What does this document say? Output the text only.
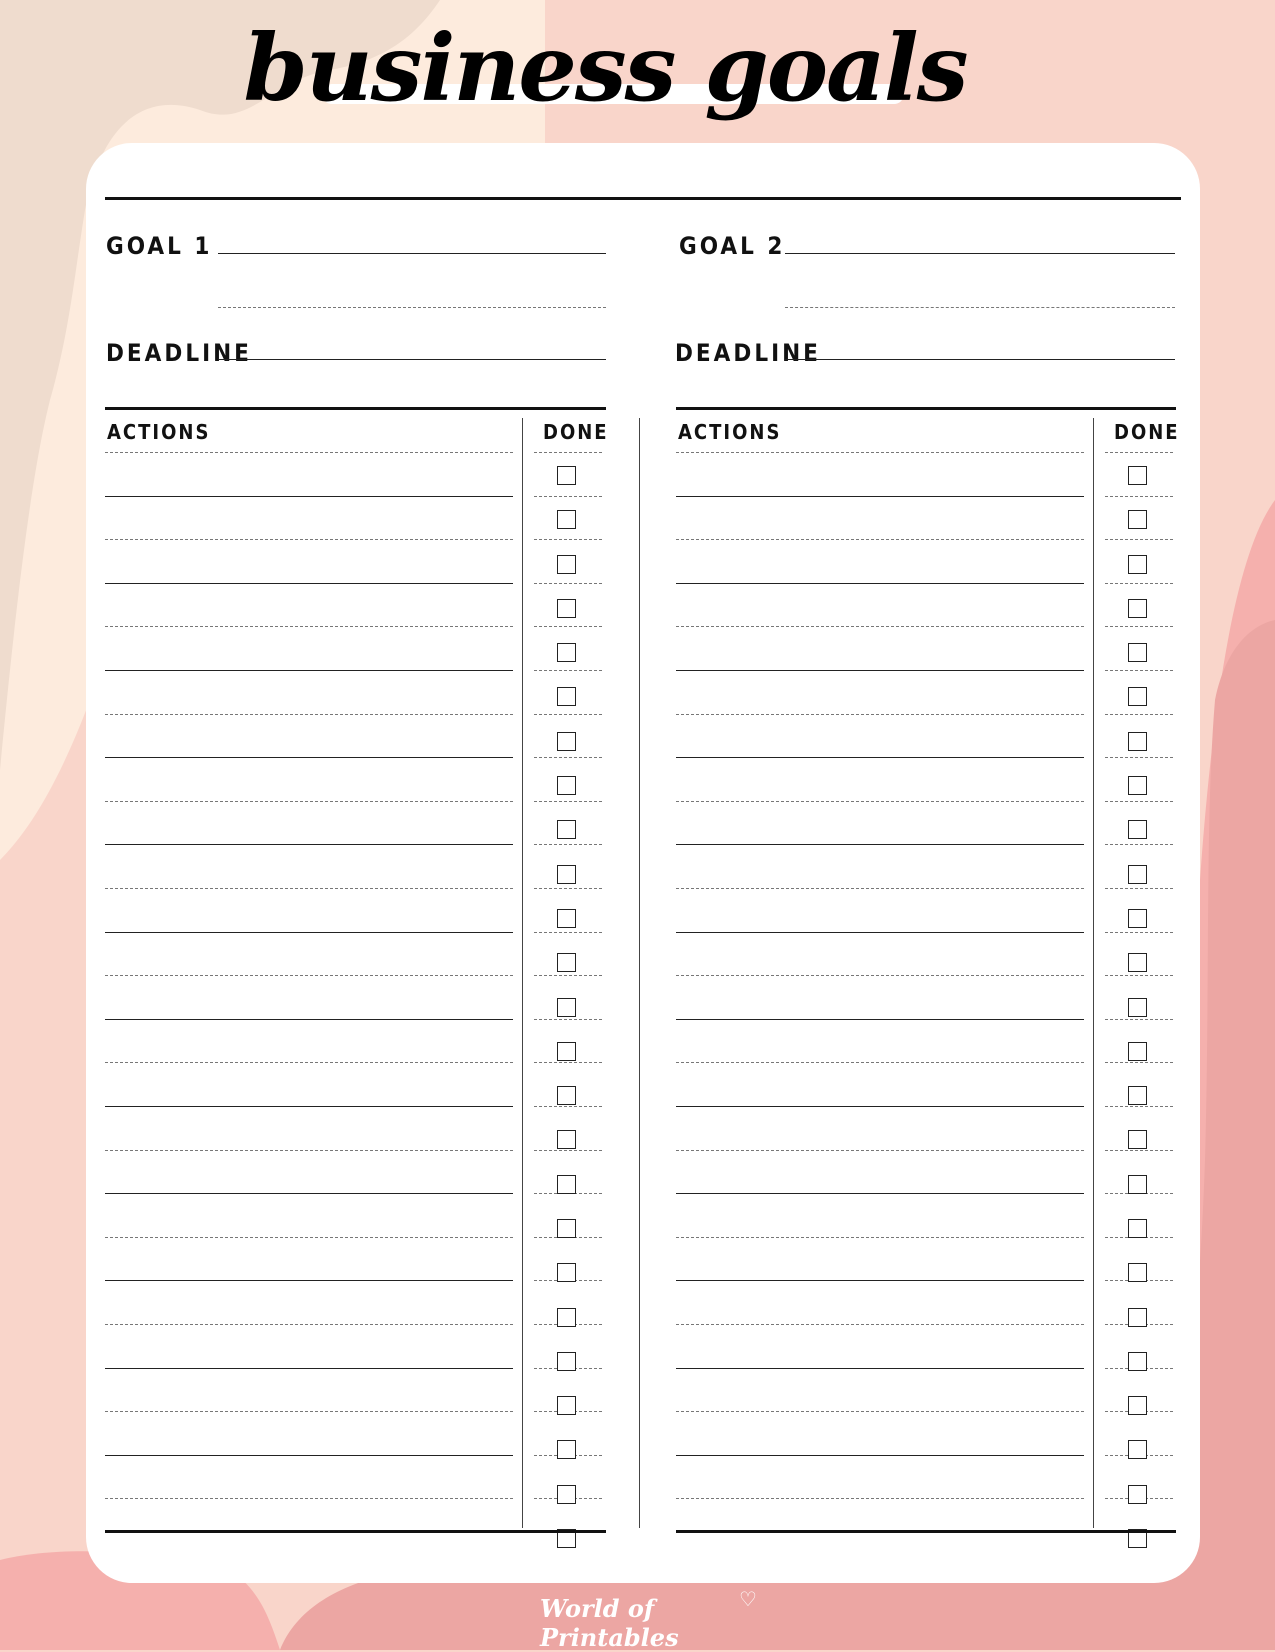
business goals

GOAL 1

DEADLINE

GOAL 2

DEADLINE

ACTIONS	DONE	ACTIONS	DONE

World of Printables

♡
